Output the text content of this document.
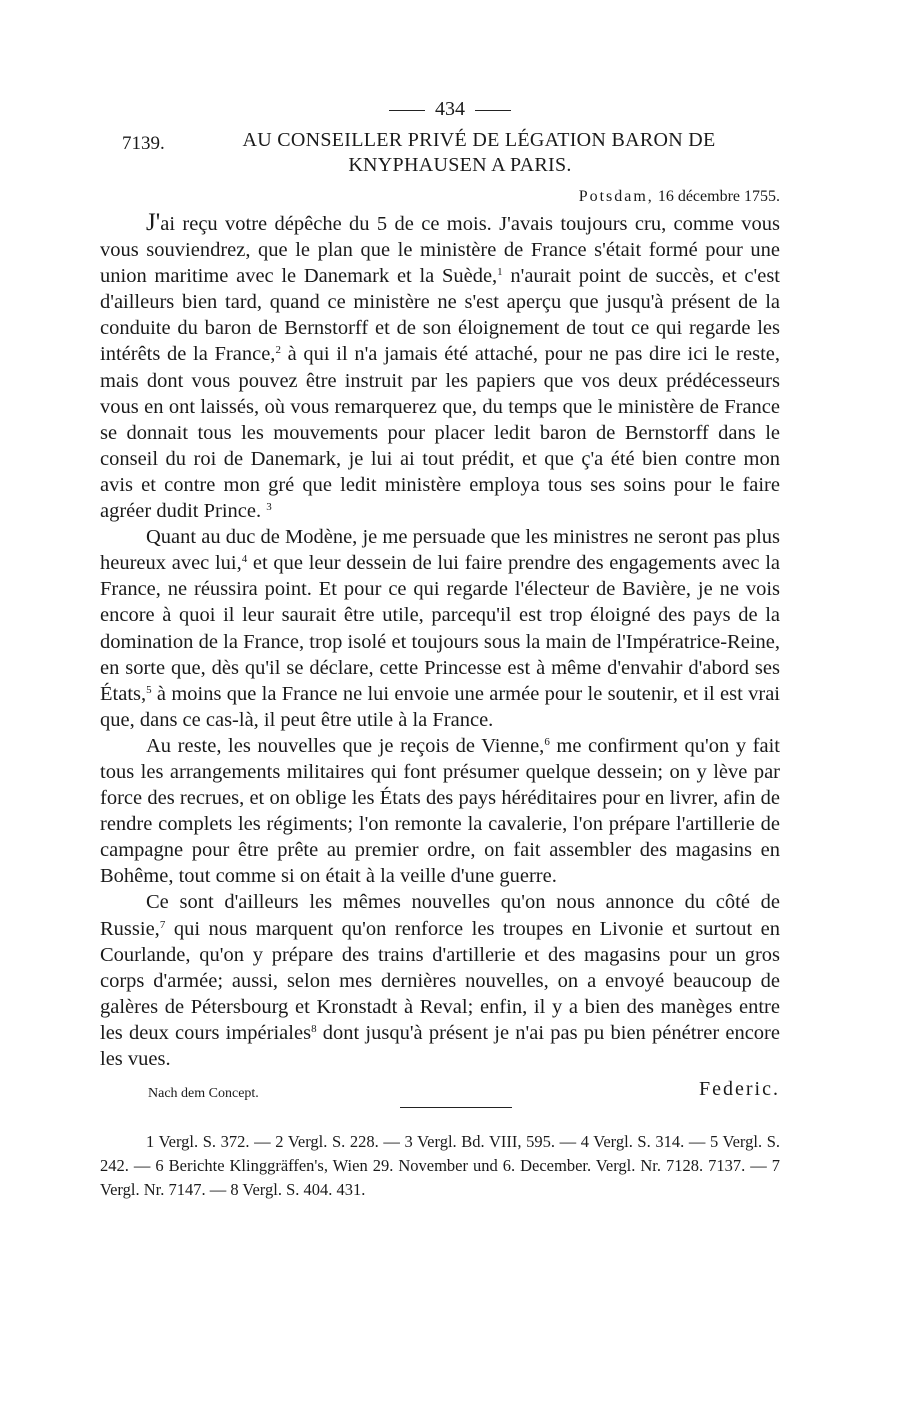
434
7139.	AU CONSEILLER PRIVÉ DE LÉGATION BARON DE
KNYPHAUSEN A PARIS.
Potsdam, 16 décembre 1755.

J'ai reçu votre dépêche du 5 de ce mois. J'avais toujours cru, comme vous vous souviendrez, que le plan que le ministère de France s'était formé pour une union maritime avec le Danemark et la Suède,$^1$ n'aurait point de succès, et c'est d'ailleurs bien tard, quand ce ministère ne s'est aperçu que jusqu'à présent de la conduite du baron de Bernstorff et de son éloignement de tout ce qui regarde les intérêts de la France,$^2$ à qui il n'a jamais été attaché, pour ne pas dire ici le reste, mais dont vous pouvez être instruit par les papiers que vos deux prédécesseurs vous en ont laissés, où vous remarquerez que, du temps que le ministère de France se donnait tous les mouvements pour placer ledit baron de Bernstorff dans le conseil du roi de Danemark, je lui ai tout prédit, et que ç'a été bien contre mon avis et contre mon gré que ledit ministère employa tous ses soins pour le faire agréer dudit Prince. $^3$

Quant au duc de Modène, je me persuade que les ministres ne seront pas plus heureux avec lui,$^4$ et que leur dessein de lui faire prendre des engagements avec la France, ne réussira point. Et pour ce qui regarde l'électeur de Bavière, je ne vois encore à quoi il leur saurait être utile, parcequ'il est trop éloigné des pays de la domination de la France, trop isolé et toujours sous la main de l'Impératrice-Reine, en sorte que, dès qu'il se déclare, cette Princesse est à même d'envahir d'abord ses États,$^5$ à moins que la France ne lui envoie une armée pour le soutenir, et il est vrai que, dans ce cas-là, il peut être utile à la France.

Au reste, les nouvelles que je reçois de Vienne,$^6$ me confirment qu'on y fait tous les arrangements militaires qui font présumer quelque dessein; on y lève par force des recrues, et on oblige les États des pays héréditaires pour en livrer, afin de rendre complets les régiments; l'on remonte la cavalerie, l'on prépare l'artillerie de campagne pour être prête au premier ordre, on fait assembler des magasins en Bohême, tout comme si on était à la veille d'une guerre.

Ce sont d'ailleurs les mêmes nouvelles qu'on nous annonce du côté de Russie,$^7$ qui nous marquent qu'on renforce les troupes en Livonie et surtout en Courlande, qu'on y prépare des trains d'artillerie et des magasins pour un gros corps d'armée; aussi, selon mes dernières nouvelles, on a envoyé beaucoup de galères de Pétersbourg et Kronstadt à Reval; enfin, il y a bien des manèges entre les deux cours impériales$^8$ dont jusqu'à présent je n'ai pas pu bien pénétrer encore les vues.

Nach dem Concept.	Federic.

1 Vergl. S. 372. — 2 Vergl. S. 228. — 3 Vergl. Bd. VIII, 595. — 4 Vergl. S. 314. — 5 Vergl. S. 242. — 6 Berichte Klinggräffen's, Wien 29. November und 6. December. Vergl. Nr. 7128. 7137. — 7 Vergl. Nr. 7147. — 8 Vergl. S. 404. 431.
